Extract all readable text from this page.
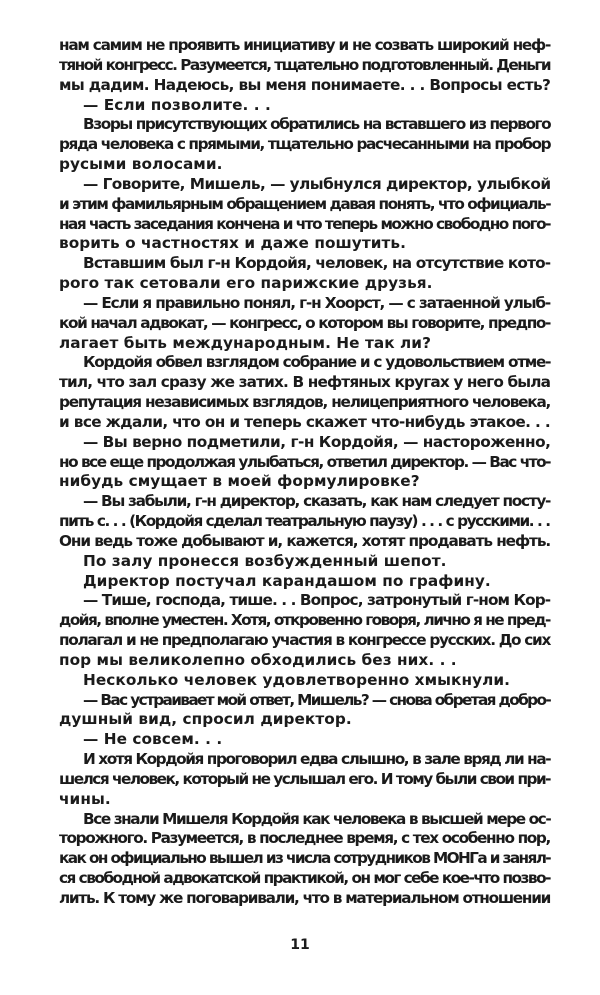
нам самим не проявить инициативу и не созвать широкий неф-
тяной конгресс. Разумеется, тщательно подготовленный. Деньги
мы дадим. Надеюсь, вы меня понимаете. . . Вопросы есть?
— Если позволите. . .
Взоры присутствующих обратились на вставшего из первого
ряда человека с прямыми, тщательно расчесанными на пробор
русыми волосами.
— Говорите, Мишель, — улыбнулся директор, улыбкой
и этим фамильярным обращением давая понять, что официаль-
ная часть заседания кончена и что теперь можно свободно пого-
ворить о частностях и даже пошутить.
Вставшим был г-н Кордойя, человек, на отсутствие кото-
рого так сетовали его парижские друзья.
— Если я правильно понял, г-н Хоорст, — с затаенной улыб-
кой начал адвокат, — конгресс, о котором вы говорите, предпо-
лагает быть международным. Не так ли?
Кордойя обвел взглядом собрание и с удовольствием отме-
тил, что зал сразу же затих. В нефтяных кругах у него была
репутация независимых взглядов, нелицеприятного человека,
и все ждали, что он и теперь скажет что-нибудь этакое. . .
— Вы верно подметили, г-н Кордойя, — настороженно,
но все еще продолжая улыбаться, ответил директор. — Вас что-
нибудь смущает в моей формулировке?
— Вы забыли, г-н директор, сказать, как нам следует посту-
пить с. . . (Кордойя сделал театральную паузу) . . . с русскими. . .
Они ведь тоже добывают и, кажется, хотят продавать нефть.
По залу пронесся возбужденный шепот.
Директор постучал карандашом по графину.
— Тише, господа, тише. . . Вопрос, затронутый г-ном Кор-
дойя, вполне уместен. Хотя, откровенно говоря, лично я не пред-
полагал и не предполагаю участия в конгрессе русских. До сих
пор мы великолепно обходились без них. . .
Несколько человек удовлетворенно хмыкнули.
— Вас устраивает мой ответ, Мишель? — снова обретая добро-
душный вид, спросил директор.
— Не совсем. . .
И хотя Кордойя проговорил едва слышно, в зале вряд ли на-
шелся человек, который не услышал его. И тому были свои при-
чины.
Все знали Мишеля Кордойя как человека в высшей мере ос-
торожного. Разумеется, в последнее время, с тех особенно пор,
как он официально вышел из числа сотрудников МОНГа и занял-
ся свободной адвокатской практикой, он мог себе кое-что позво-
лить. К тому же поговаривали, что в материальном отношении
11
